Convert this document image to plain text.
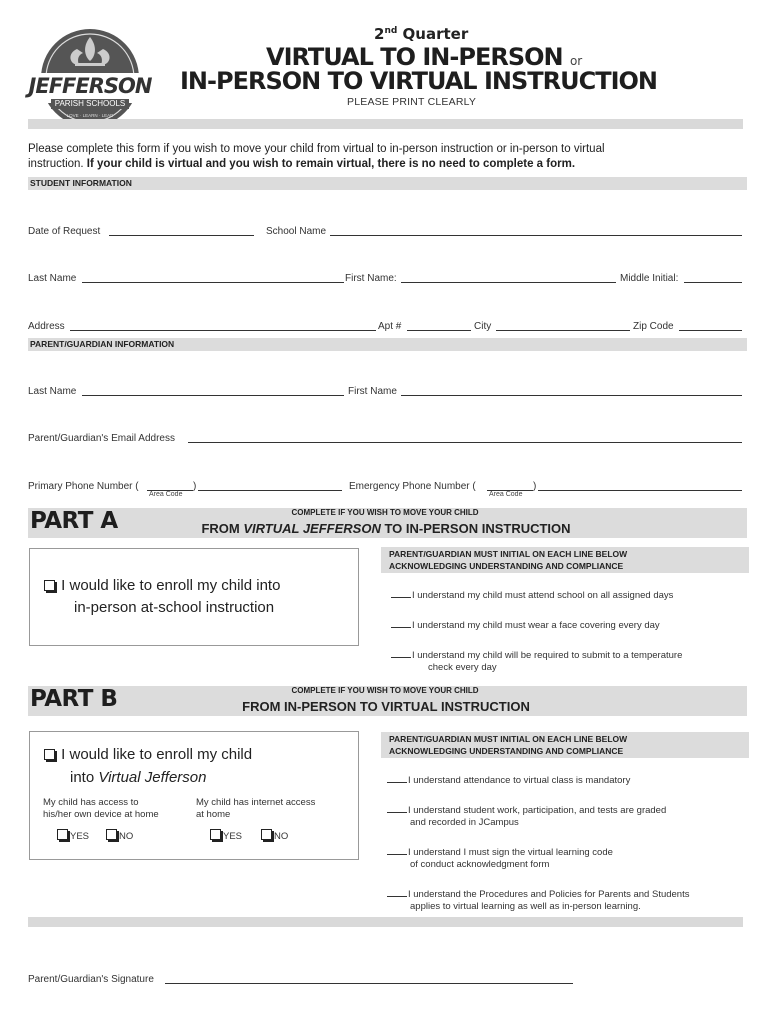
JEFFERSON
PARISH SCHOOLS
LOVE · LEARN · LEAD
2nd Quarter
VIRTUAL TO IN-PERSON or
IN-PERSON TO VIRTUAL INSTRUCTION
PLEASE PRINT CLEARLY
Please complete this form if you wish to move your child from virtual to in-person instruction or in-person to virtual
instruction. If your child is virtual and you wish to remain virtual, there is no need to complete a form.
STUDENT INFORMATION
Date of Request	School Name
Last Name	First Name:	Middle Initial:
Address	Apt #	City	Zip Code
PARENT/GUARDIAN INFORMATION
Last Name	First Name
Parent/Guardian's Email Address
Primary Phone Number (	)
Area Code
Emergency Phone Number (	)
Area Code
PART A	COMPLETE IF YOU WISH TO MOVE YOUR CHILD
FROM VIRTUAL JEFFERSON TO IN-PERSON INSTRUCTION
I would like to enroll my child into
in-person at-school instruction
PARENT/GUARDIAN MUST INITIAL ON EACH LINE BELOW
ACKNOWLEDGING UNDERSTANDING AND COMPLIANCE
I understand my child must attend school on all assigned days
I understand my child must wear a face covering every day
I understand my child will be required to submit to a temperature
check every day
PART B	COMPLETE IF YOU WISH TO MOVE YOUR CHILD
FROM IN-PERSON TO VIRTUAL INSTRUCTION
I would like to enroll my child
into Virtual Jefferson
My child has access to
his/her own device at home
My child has internet access
at home
YES	NO	YES	NO
PARENT/GUARDIAN MUST INITIAL ON EACH LINE BELOW
ACKNOWLEDGING UNDERSTANDING AND COMPLIANCE
I understand attendance to virtual class is mandatory
I understand student work, participation, and tests are graded
and recorded in JCampus
I understand I must sign the virtual learning code
of conduct acknowledgment form
I understand the Procedures and Policies for Parents and Students
applies to virtual learning as well as in-person learning.
Parent/Guardian's Signature
